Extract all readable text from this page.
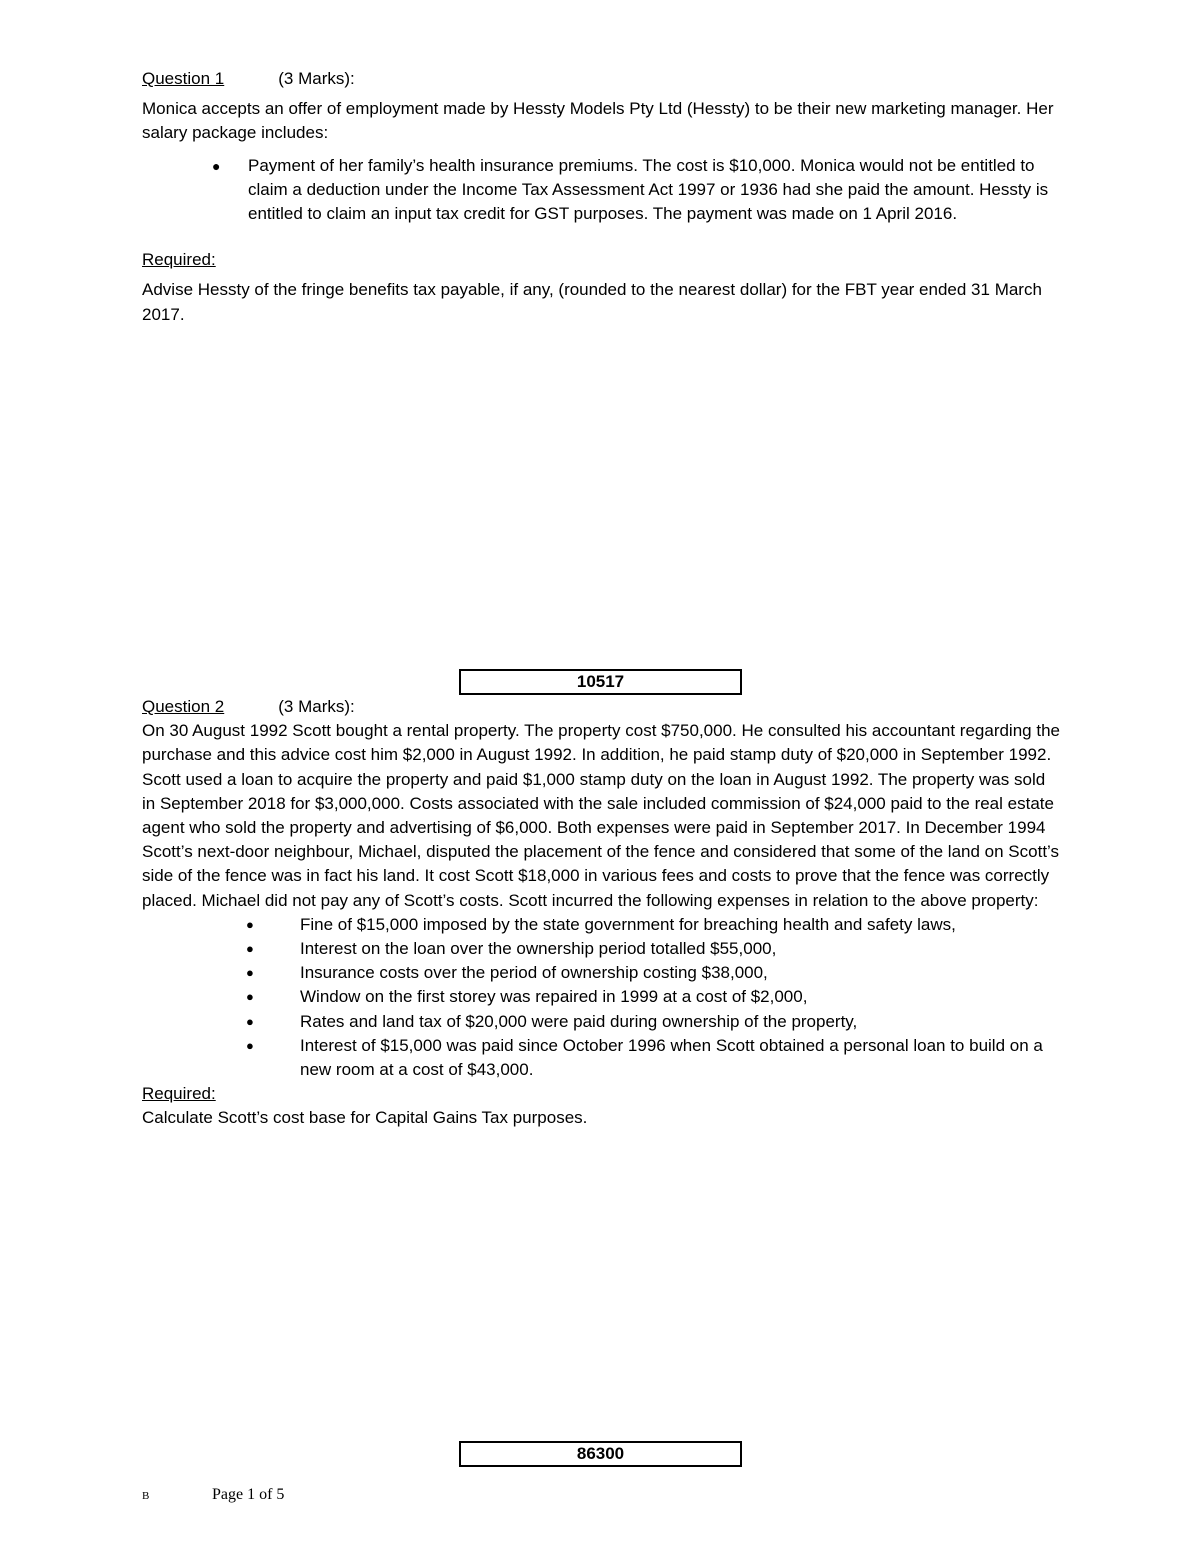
Question 1	(3 Marks):

Monica accepts an offer of employment made by Hessty Models Pty Ltd (Hessty) to be their new marketing manager. Her salary package includes:

● Payment of her family’s health insurance premiums. The cost is $10,000. Monica would not be entitled to claim a deduction under the Income Tax Assessment Act 1997 or 1936 had she paid the amount. Hessty is entitled to claim an input tax credit for GST purposes. The payment was made on 1 April 2016.
Required:

Advise Hessty of the fringe benefits tax payable, if any, (rounded to the nearest dollar) for the FBT year ended 31 March 2017.

10517
Question 2	(3 Marks):

On 30 August 1992 Scott bought a rental property. The property cost $750,000. He consulted his accountant regarding the purchase and this advice cost him $2,000 in August 1992. In addition, he paid stamp duty of $20,000 in September 1992. Scott used a loan to acquire the property and paid $1,000 stamp duty on the loan in August 1992. The property was sold in September 2018 for $3,000,000. Costs associated with the sale included commission of $24,000 paid to the real estate agent who sold the property and advertising of $6,000. Both expenses were paid in September 2017. In December 1994 Scott’s next-door neighbour, Michael, disputed the placement of the fence and considered that some of the land on Scott’s side of the fence was in fact his land. It cost Scott $18,000 in various fees and costs to prove that the fence was correctly placed. Michael did not pay any of Scott’s costs. Scott incurred the following expenses in relation to the above property:

●	Fine of $15,000 imposed by the state government for breaching health and safety laws,
●	Interest on the loan over the ownership period totalled $55,000,
●	Insurance costs over the period of ownership costing $38,000,
●	Window on the first storey was repaired in 1999 at a cost of $2,000,
●	Rates and land tax of $20,000 were paid during ownership of the property,
●	Interest of $15,000 was paid since October 1996 when Scott obtained a personal loan to build on a new room at a cost of $43,000.
Required:

Calculate Scott’s cost base for Capital Gains Tax purposes.

86300
B	Page 1 of 5
